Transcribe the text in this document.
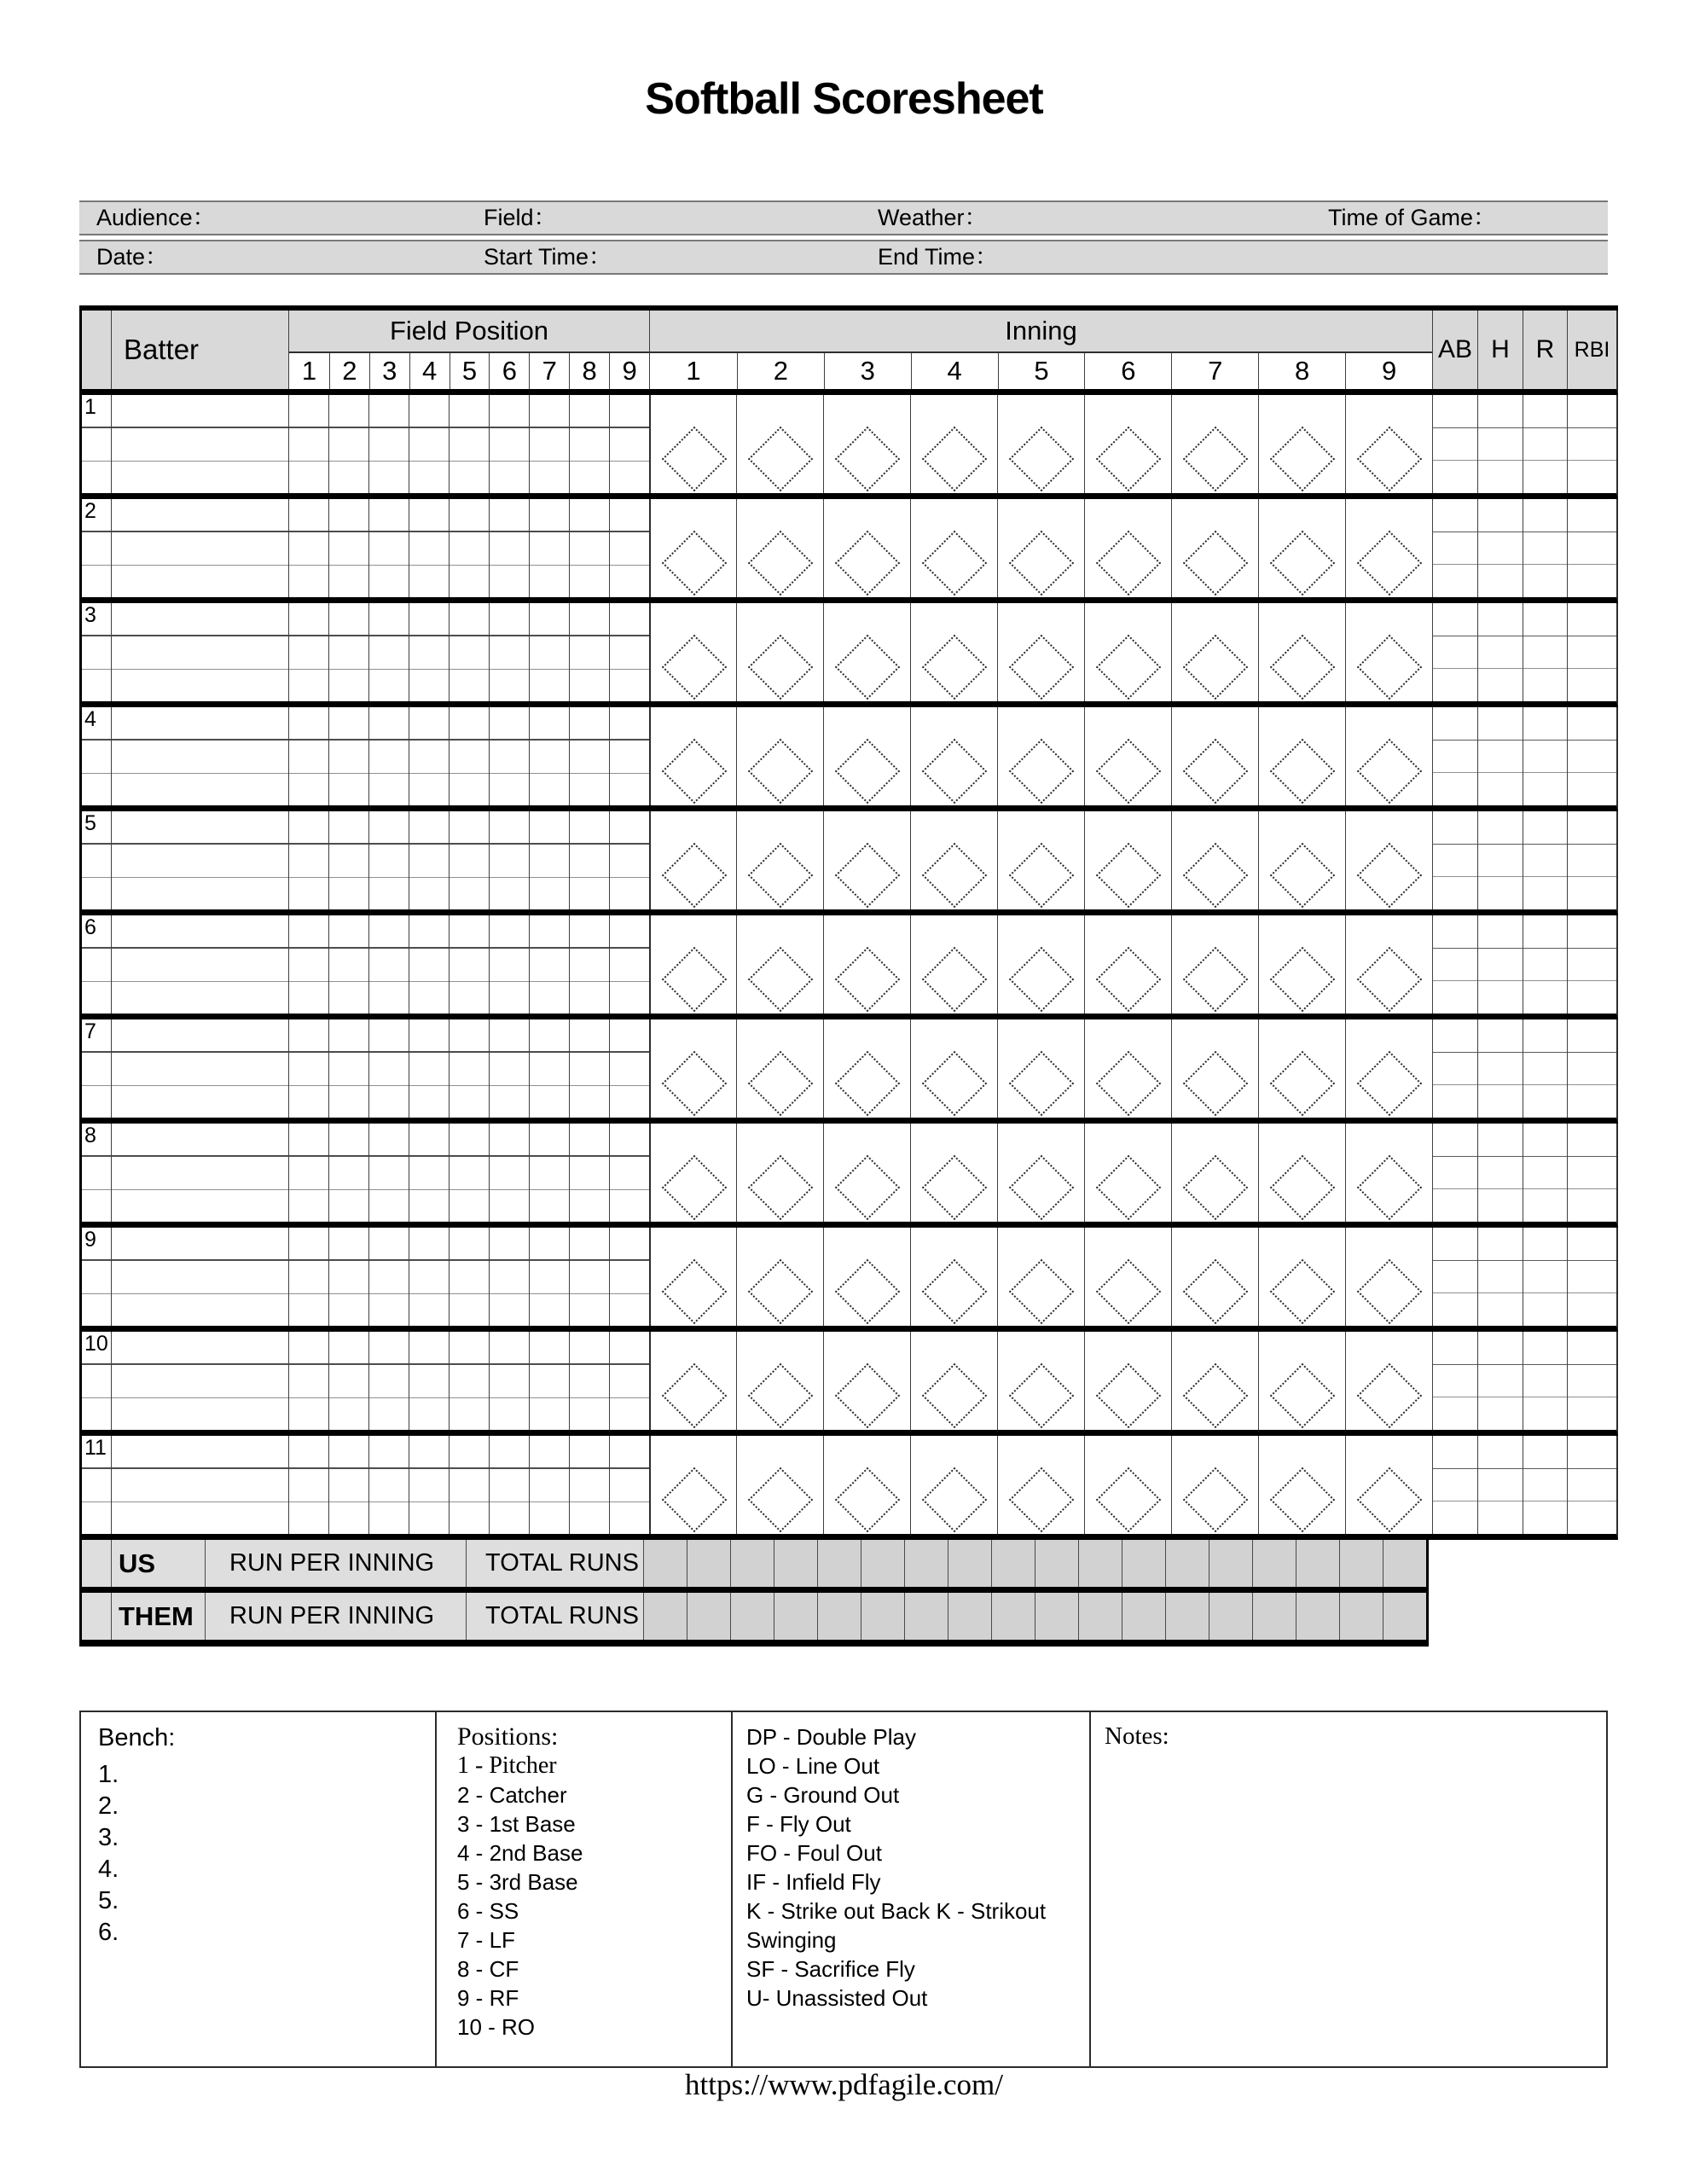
Softball Scoresheet
Audience：	Field：	Weather：	Time of Game：
Date：	Start Time：	End Time：
Batter
Field Position
1 2 3 4 5 6 7 8 9
Inning
1	2	3	4	5	6	7	8	9
AB H	R RBI
1
2
3
4
5
6
7
8
9
10
11
US	RUN PER INNING	TOTAL RUNS
THEM	RUN PER INNING	TOTAL RUNS
Bench:
1.
2.
3.
4.
5.
6.
Positions:
1 - Pitcher
2 - Catcher
3 - 1st Base
4 - 2nd Base
5 - 3rd Base
6 - SS
7 - LF
8 - CF
9 - RF
10 - RO
DP - Double Play
LO - Line Out
G - Ground Out
F - Fly Out
FO - Foul Out
IF - Infield Fly
K - Strike out Back K - Strikout Swinging
SF - Sacrifice Fly
U- Unassisted Out
Notes:
https://www.pdfagile.com/
